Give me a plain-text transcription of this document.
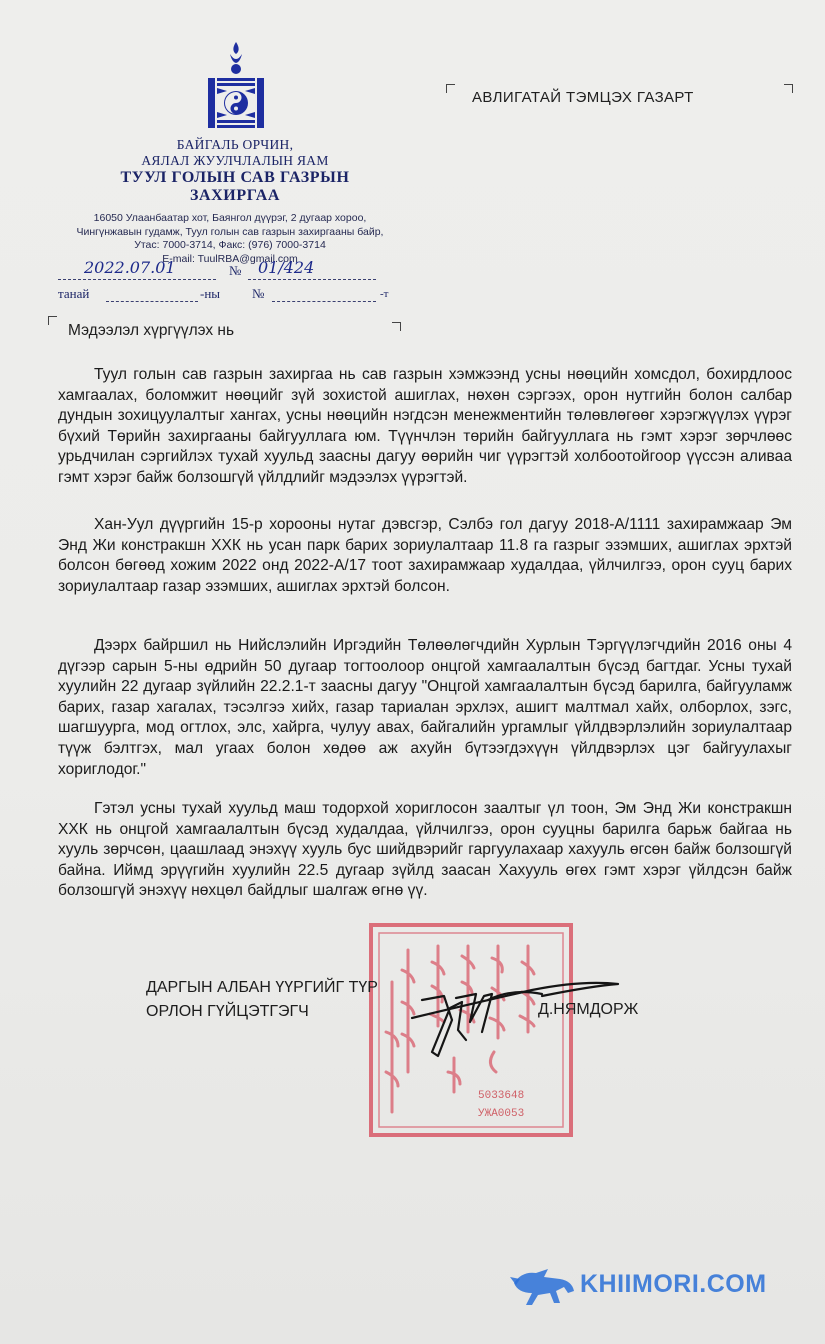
БАЙГАЛЬ ОРЧИН,
АЯЛАЛ ЖУУЛЧЛАЛЫН ЯАМ
ТУУЛ ГОЛЫН САВ ГАЗРЫН
ЗАХИРГАА
16050 Улаанбаатар хот, Баянгол дүүрэг, 2 дугаар хороо,
Чингүнжавын гудамж, Туул голын сав газрын захиргааны байр,
Утас: 7000-3714, Факс: (976) 7000-3714
E-mail: TuulRBA@gmail.com
2022.07.01	№ 01/424
танай	-ны №	-т
АВЛИГАТАЙ ТЭМЦЭХ ГАЗАРТ
Мэдээлэл хүргүүлэх нь

Туул голын сав газрын захиргаа нь сав газрын хэмжээнд усны нөөцийн хомсдол, бохирдлоос хамгаалах, боломжит нөөцийг зүй зохистой ашиглах, нөхөн сэргээх, орон нутгийн болон салбар дундын зохицуулалтыг хангах, усны нөөцийн нэгдсэн менежментийн төлөвлөгөөг хэрэгжүүлэх үүрэг бүхий Төрийн захиргааны байгууллага юм. Түүнчлэн төрийн байгууллага нь гэмт хэрэг зөрчлөөс урьдчилан сэргийлэх тухай хуульд заасны дагуу өөрийн чиг үүрэгтэй холбоотойгоор үүссэн аливаа гэмт хэрэг байж болзошгүй үйлдлийг мэдээлэх үүрэгтэй.

Хан-Уул дүүргийн 15-р хорооны нутаг дэвсгэр, Сэлбэ гол дагуу 2018-А/1111 захирамжаар Эм Энд Жи констракшн ХХК нь усан парк барих зориулалтаар 11.8 га газрыг эзэмших, ашиглах эрхтэй болсон бөгөөд хожим 2022 онд 2022-А/17 тоот захирамжаар худалдаа, үйлчилгээ, орон сууц барих зориулалтаар газар эзэмших, ашиглах эрхтэй болсон.

Дээрх байршил нь Нийслэлийн Иргэдийн Төлөөлөгчдийн Хурлын Тэргүүлэгчдийн 2016 оны 4 дүгээр сарын 5-ны өдрийн 50 дугаар тогтоолоор онцгой хамгаалалтын бүсэд багтдаг. Усны тухай хуулийн 22 дугаар зүйлийн 22.2.1-т заасны дагуу "Онцгой хамгаалалтын бүсэд барилга, байгууламж барих, газар хагалах, тэсэлгээ хийх, газар тариалан эрхлэх, ашигт малтмал хайх, олборлох, зэгс, шагшуурга, мод огтлох, элс, хайрга, чулуу авах, байгалийн ургамлыг үйлдвэрлэлийн зориулалтаар түүж бэлтгэх, мал угаах болон хөдөө аж ахуйн бүтээгдэхүүн үйлдвэрлэх цэг байгуулахыг хориглодог."

Гэтэл усны тухай хуульд маш тодорхой хориглосон заалтыг үл тоон, Эм Энд Жи констракшн ХХК нь онцгой хамгаалалтын бүсэд худалдаа, үйлчилгээ, орон сууцны барилга барьж байгаа нь хууль зөрчсөн, цаашлаад энэхүү хууль бус шийдвэрийг гаргуулахаар хахууль өгсөн байж болзошгүй байна. Иймд эрүүгийн хуулийн 22.5 дугаар зүйлд заасан Хахууль өгөх гэмт хэрэг үйлдсэн байж болзошгүй энэхүү нөхцөл байдлыг шалгаж өгнө үү.

5033648
УЖА0053
ДАРГЫН АЛБАН ҮҮРГИЙГ ТҮР
ОРЛОН ГҮЙЦЭТГЭГЧ	Д.НЯМДОРЖ
KHIIMORI.COM
